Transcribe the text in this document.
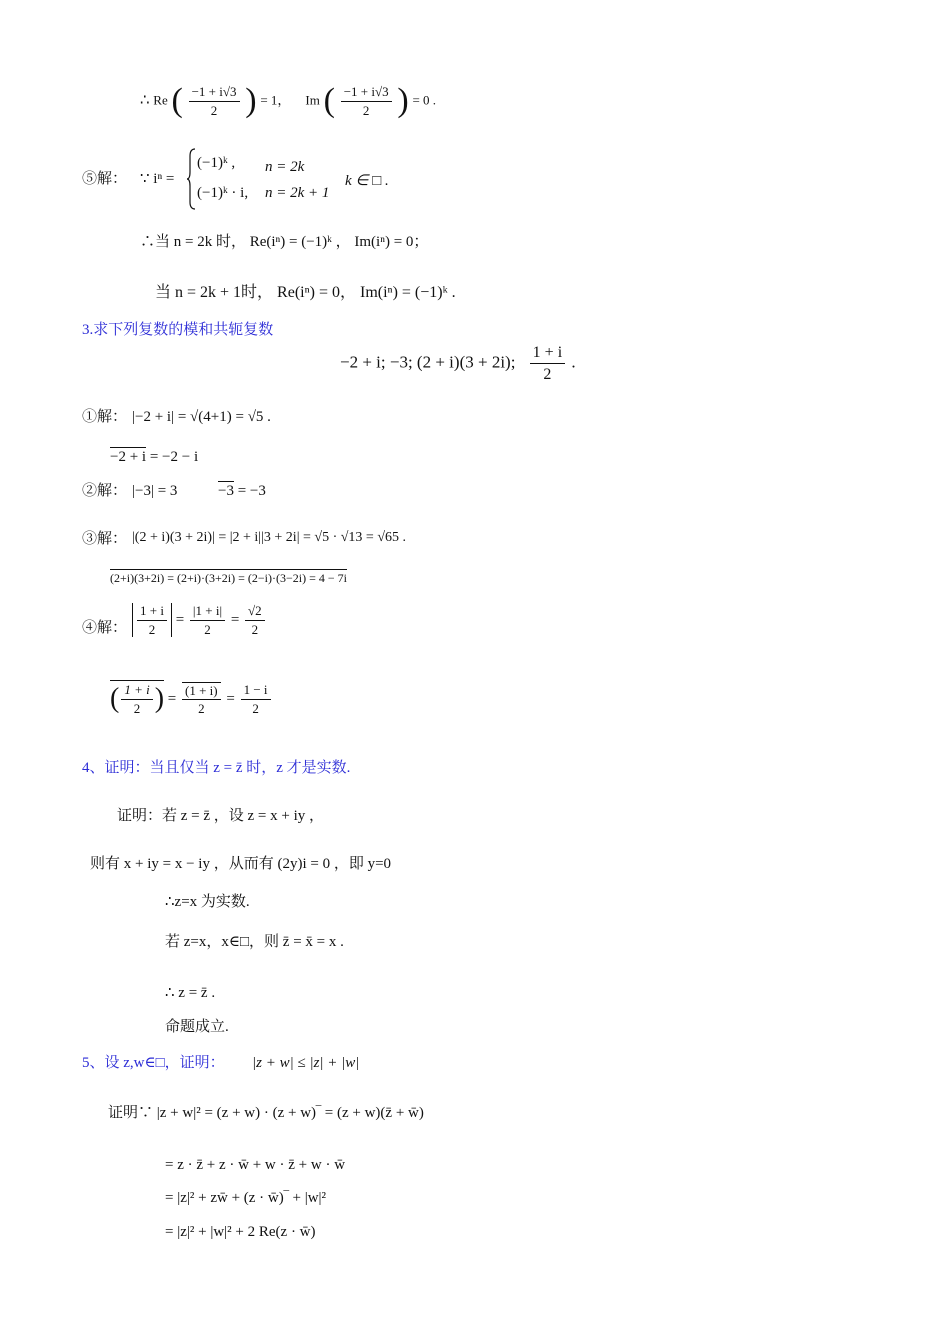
∴ Re ( $\frac{-1 + i√3}{2}$ ) = 1， Im ( $\frac{-1 + i√3}{2}$ ) = 0 .
⑤解： ∵ iⁿ =
(−1)ᵏ , n = 2k
(−1)ᵏ · i, n = 2k + 1
k ∈ □ .
∴当 n = 2k 时， Re(iⁿ) = (−1)ᵏ ， Im(iⁿ) = 0；
当 n = 2k + 1时， Re(iⁿ) = 0， Im(iⁿ) = (−1)ᵏ .
3.求下列复数的模和共轭复数
−2 + i; −3; (2 + i)(3 + 2i); $\frac{1 + i}{2}$ .
①解： |−2 + i| = √(4+1) = √5 .
−2 + i = −2 − i
②解： |−3| = 3	−3 = −3
③解： |(2 + i)(3 + 2i)| = |2 + i||3 + 2i| = √5 · √13 = √65 .
(2+i)(3+2i) = (2+i)·(3+2i) = (2−i)·(3−2i) = 4 − 7i
④解： $\frac{1 + i}{2} = \frac{|1 + i|}{2} = \frac{√2}{2}$
( $\frac{1 + i}{2}$ ) = $\frac{(1 + i)}{2} = \frac{1 - i}{2}$
4、证明：当且仅当 z = z̄ 时，z 才是实数.
证明：若 z = z̄ ，设 z = x + iy ，
则有 x + iy = x − iy ，从而有 (2y)i = 0 ，即 y=0
∴z=x 为实数.
若 z=x，x∈□，则 z̄ = x̄ = x .
∴ z = z̄ .
命题成立.
5、设 z,w∈□，证明： |z + w| ≤ |z| + |w|
证明∵ |z + w|² = (z + w) · (z + w)‾ = (z + w)(z̄ + w̄)
= z · z̄ + z · w̄ + w · z̄ + w · w̄
= |z|² + zw̄ + (z · w̄)‾ + |w|²
= |z|² + |w|² + 2 Re(z · w̄)
